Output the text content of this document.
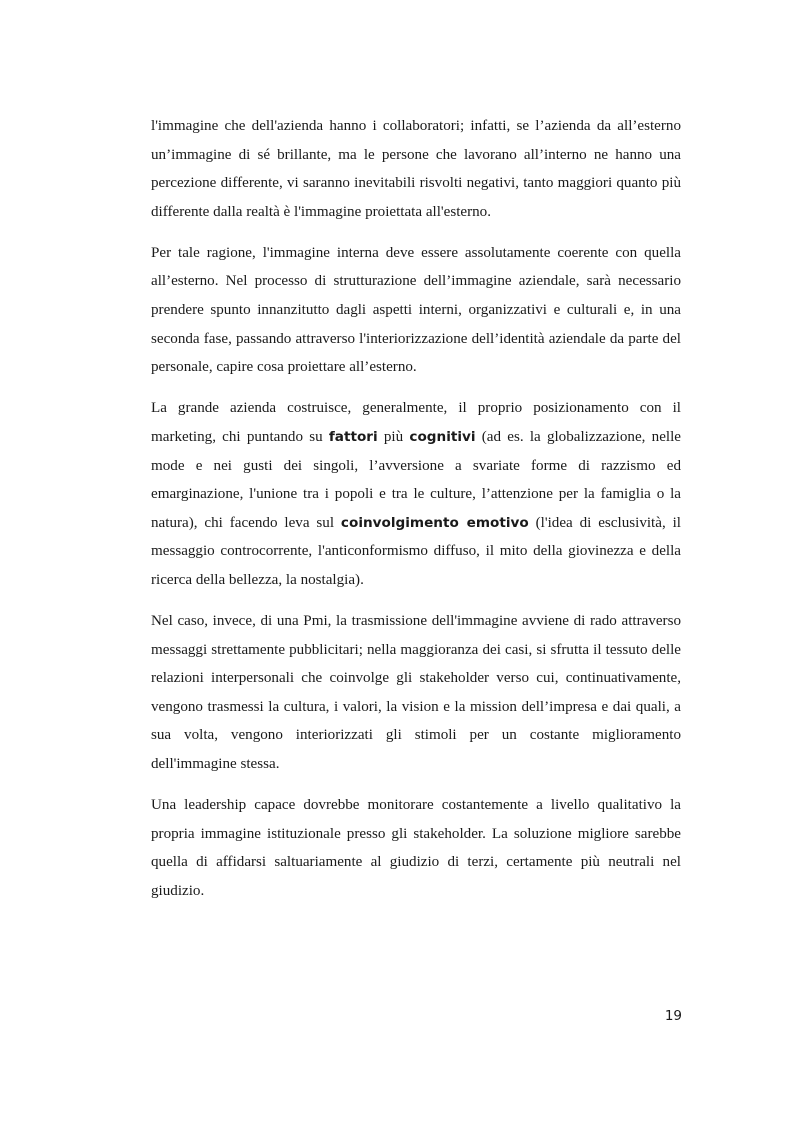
l'immagine che dell'azienda hanno i collaboratori; infatti, se l’azienda da all’esterno un’immagine di sé brillante, ma le persone che lavorano all’interno ne hanno una percezione differente, vi saranno inevitabili risvolti negativi, tanto maggiori quanto più differente dalla realtà è l'immagine proiettata all'esterno.

Per tale ragione, l'immagine interna deve essere assolutamente coerente con quella all’esterno. Nel processo di strutturazione dell’immagine aziendale, sarà necessario prendere spunto innanzitutto dagli aspetti interni, organizzativi e culturali e, in una seconda fase, passando attraverso l'interiorizzazione dell’identità aziendale da parte del personale, capire cosa proiettare all’esterno.

La grande azienda costruisce, generalmente, il proprio posizionamento con il marketing, chi puntando su fattori più cognitivi (ad es. la globalizzazione, nelle mode e nei gusti dei singoli, l’avversione a svariate forme di razzismo ed emarginazione, l'unione tra i popoli e tra le culture, l’attenzione per la famiglia o la natura), chi facendo leva sul coinvolgimento emotivo (l'idea di esclusività, il messaggio controcorrente, l'anticonformismo diffuso, il mito della giovinezza e della ricerca della bellezza, la nostalgia).

Nel caso, invece, di una Pmi, la trasmissione dell'immagine avviene di rado attraverso messaggi strettamente pubblicitari; nella maggioranza dei casi, si sfrutta il tessuto delle relazioni interpersonali che coinvolge gli stakeholder verso cui, continuativamente, vengono trasmessi la cultura, i valori, la vision e la mission dell’impresa e dai quali, a sua volta, vengono interiorizzati gli stimoli per un costante miglioramento dell'immagine stessa.

Una leadership capace dovrebbe monitorare costantemente a livello qualitativo la propria immagine istituzionale presso gli stakeholder. La soluzione migliore sarebbe quella di affidarsi saltuariamente al giudizio di terzi, certamente più neutrali nel giudizio.

19
